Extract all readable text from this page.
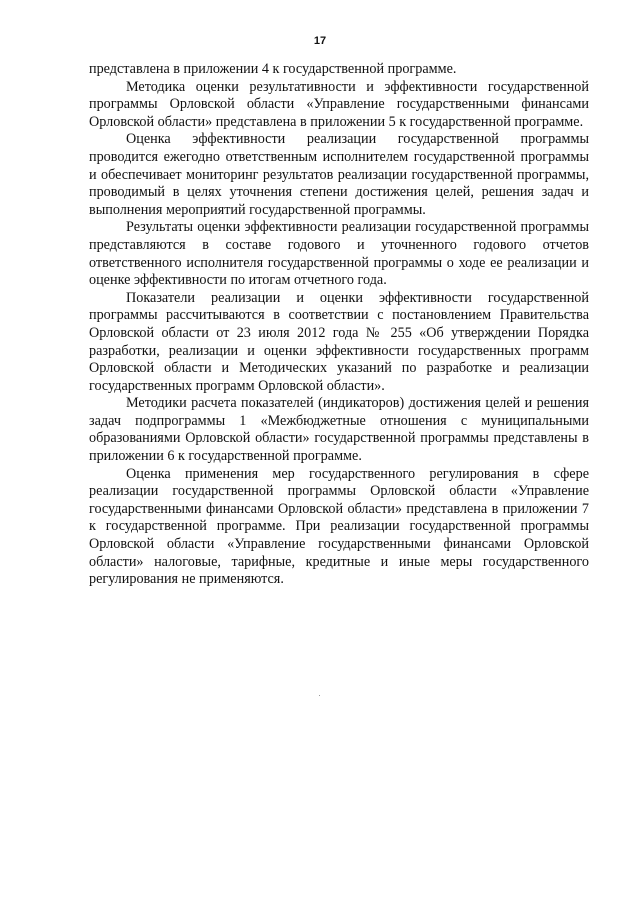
17

представлена в приложении 4 к государственной программе.

Методика оценки результативности и эффективности государственной программы Орловской области «Управление государственными финансами Орловской области» представлена в приложении 5 к государственной программе.

Оценка эффективности реализации государственной программы проводится ежегодно ответственным исполнителем государственной программы и обеспечивает мониторинг результатов реализации государственной программы, проводимый в целях уточнения степени достижения целей, решения задач и выполнения мероприятий государственной программы.

Результаты оценки эффективности реализации государственной программы представляются в составе годового и уточненного годового отчетов ответственного исполнителя государственной программы о ходе ее реализации и оценке эффективности по итогам отчетного года.

Показатели реализации и оценки эффективности государственной программы рассчитываются в соответствии с постановлением Правительства Орловской области от 23 июля 2012 года № 255 «Об утверждении Порядка разработки, реализации и оценки эффективности государственных программ Орловской области и Методических указаний по разработке и реализации государственных программ Орловской области».

Методики расчета показателей (индикаторов) достижения целей и решения задач подпрограммы 1 «Межбюджетные отношения с муниципальными образованиями Орловской области» государственной программы представлены в приложении 6 к государственной программе.

Оценка применения мер государственного регулирования в сфере реализации государственной программы Орловской области «Управление государственными финансами Орловской области» представлена в приложении 7 к государственной программе. При реализации государственной программы Орловской области «Управление государственными финансами Орловской области» налоговые, тарифные, кредитные и иные меры государственного регулирования не применяются.
